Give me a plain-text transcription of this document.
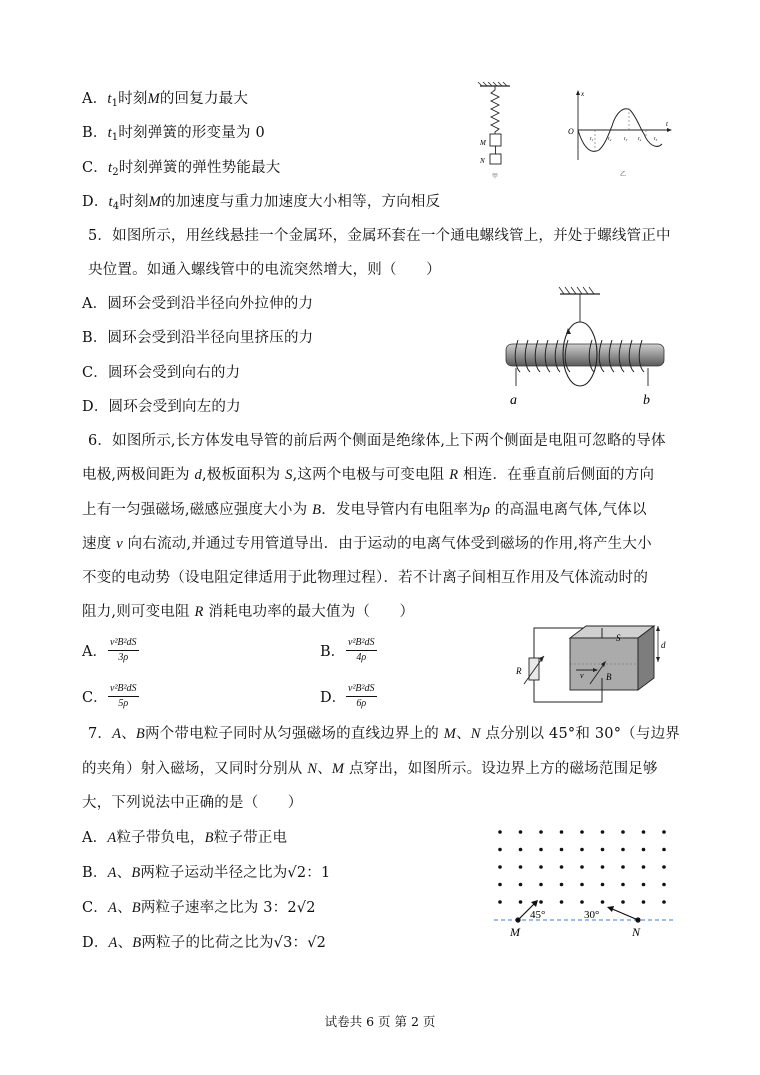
A．$t_1$时刻M的回复力最大
B．$t_1$时刻弹簧的形变量为 0
C．$t_2$时刻弹簧的弹性势能最大
D．$t_4$时刻M的加速度与重力加速度大小相等，方向相反
M
N
甲
O
x
t
t₁	t₂ t₃ t₄ t₅
乙
5．如图所示，用丝线悬挂一个金属环，金属环套在一个通电螺线管上，并处于螺线管正中
央位置。如通入螺线管中的电流突然增大，则（　　）
A．圆环会受到沿半径向外拉伸的力
B．圆环会受到沿半径向里挤压的力
C．圆环会受到向右的力
D．圆环会受到向左的力	a	b
6．如图所示,长方体发电导管的前后两个侧面是绝缘体,上下两个侧面是电阻可忽略的导体
电极,两极间距为 d,极板面积为 S,这两个电极与可变电阻 R 相连．在垂直前后侧面的方向
上有一匀强磁场,磁感应强度大小为 B．发电导管内有电阻率为ρ 的高温电离气体,气体以
速度 v 向右流动,并通过专用管道导出．由于运动的电离气体受到磁场的作用,将产生大小
不变的电动势（设电阻定律适用于此物理过程）．若不计离子间相互作用及气体流动时的
阻力,则可变电阻 R 消耗电功率的最大值为（　　）
A． $\frac{\text{v²B²dS}}{3\rho}$	B． $\frac{\text{v²B²dS}}{4\rho}$
C． $\frac{\text{v²B²dS}}{5\rho}$	D． $\frac{\text{v²B²dS}}{6\rho}$
R
d
S
v B
7．A、B两个带电粒子同时从匀强磁场的直线边界上的 M、N 点分别以 45°和 30°（与边界
的夹角）射入磁场，又同时分别从 N、M 点穿出，如图所示。设边界上方的磁场范围足够
大，下列说法中正确的是（　　）
A．A粒子带负电，B粒子带正电
B．A、B两粒子运动半径之比为√2：1
C．A、B两粒子速率之比为 3：2√2
D．A、B两粒子的比荷之比为√3：√2
45°	30°
M	N
试卷共 6 页 第 2 页
